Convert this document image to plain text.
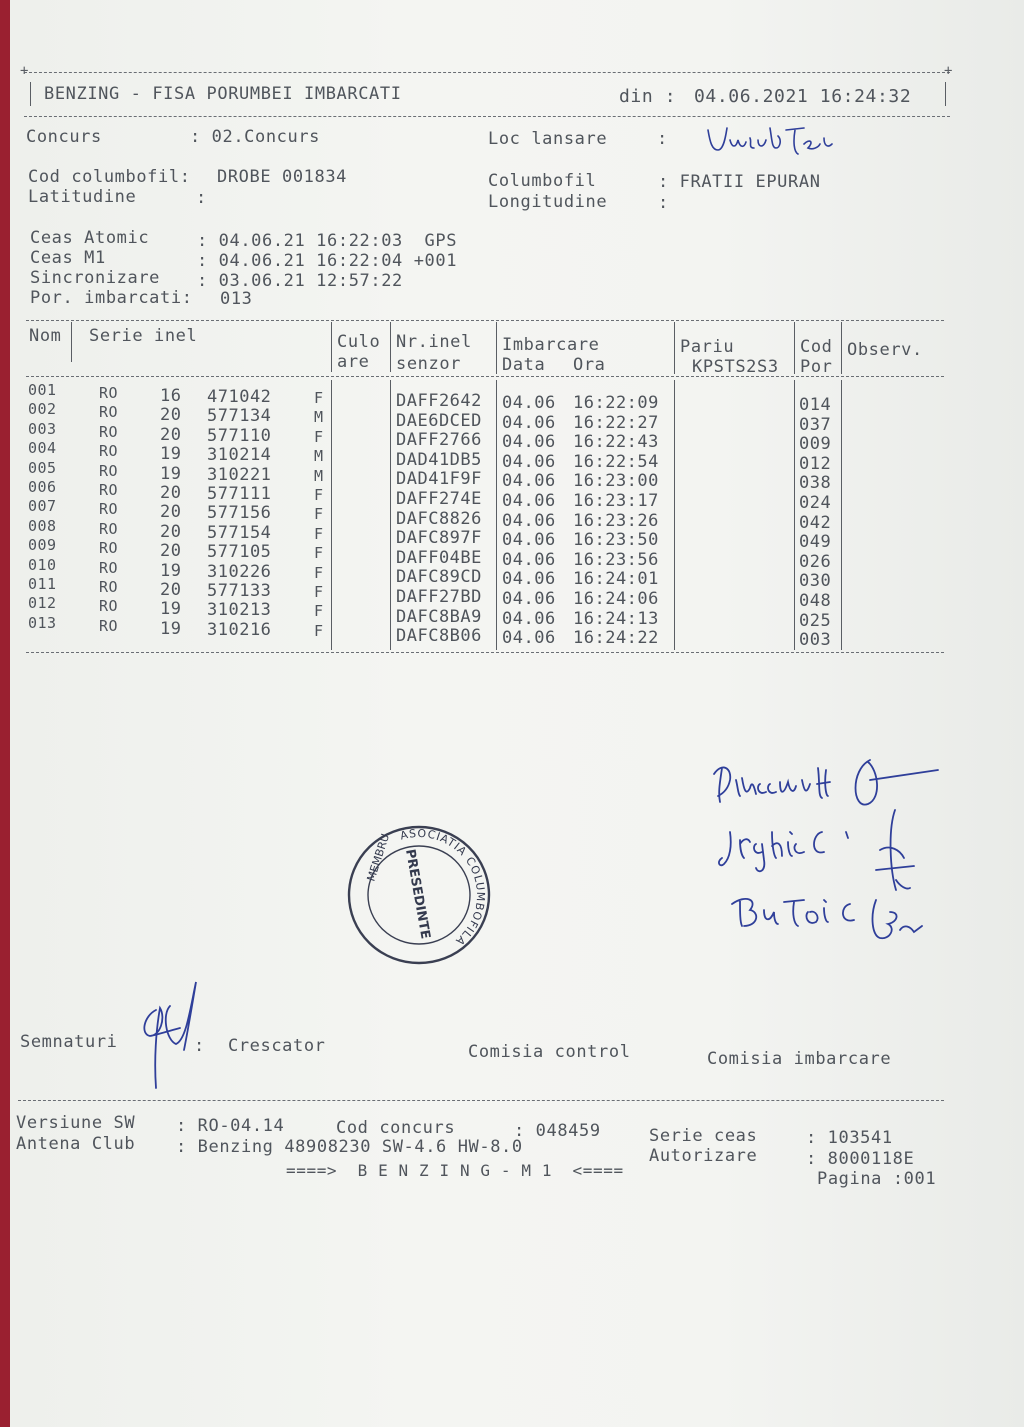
+	+
BENZING - FISA PORUMBEI IMBARCATI	din : 04.06.2021 16:24:32
Concurs	: 02.Concurs	Loc lansare	:
Cod columbofil: DROBE 001834
Latitudine	:
Columbofil	: FRATII EPURAN
Longitudine	:
Ceas Atomic	: 04.06.21 16:22:03  GPS
Ceas M1	: 04.06.21 16:22:04 +001
Sincronizare : 03.06.21 12:57:22
Por. imbarcati: 013
Nom Serie inel	Culo
are
Nr.inel
senzor
Imbarcare
Data Ora
Pariu
KPSTS2S3
Cod
Por
Observ.
001	RO 16 471042	F	DAFF2642 04.06 16:22:09	014
002	RO 20 577134	M	DAE6DCED 04.06 16:22:27	037
003	RO 20 577110	F	DAFF2766 04.06 16:22:43	009
004	RO 19 310214	M	DAD41DB5 04.06 16:22:54	012
005	RO 19 310221	M	DAD41F9F 04.06 16:23:00	038
006	RO 20 577111	F	DAFF274E 04.06 16:23:17	024
007	RO 20 577156	F	DAFC8826 04.06 16:23:26	042
008	RO 20 577154	F	DAFC897F 04.06 16:23:50	049
009	RO 20 577105	F	DAFF04BE 04.06 16:23:56	026
010	RO 19 310226	F	DAFC89CD 04.06 16:24:01	030
011	RO 20 577133	F	DAFF27BD 04.06 16:24:06	048
012	RO 19 310213	F	DAFC8BA9 04.06 16:24:13	025
013	RO 19 310216	F	DAFC8B06 04.06 16:24:22	003
ASOCIATIA COLUMBOFILA
MEMBRU PRESEDINTE
Semnaturi	: Crescator	Comisia control	Comisia imbarcare
Versiune SW : RO-04.14	Cod concurs	: 048459	Serie ceas	: 103541
Antena Club : Benzing 48908230 SW-4.6 HW-8.0	Autorizare	: 8000118E
====>  B E N Z I N G - M 1  <====	Pagina :001
